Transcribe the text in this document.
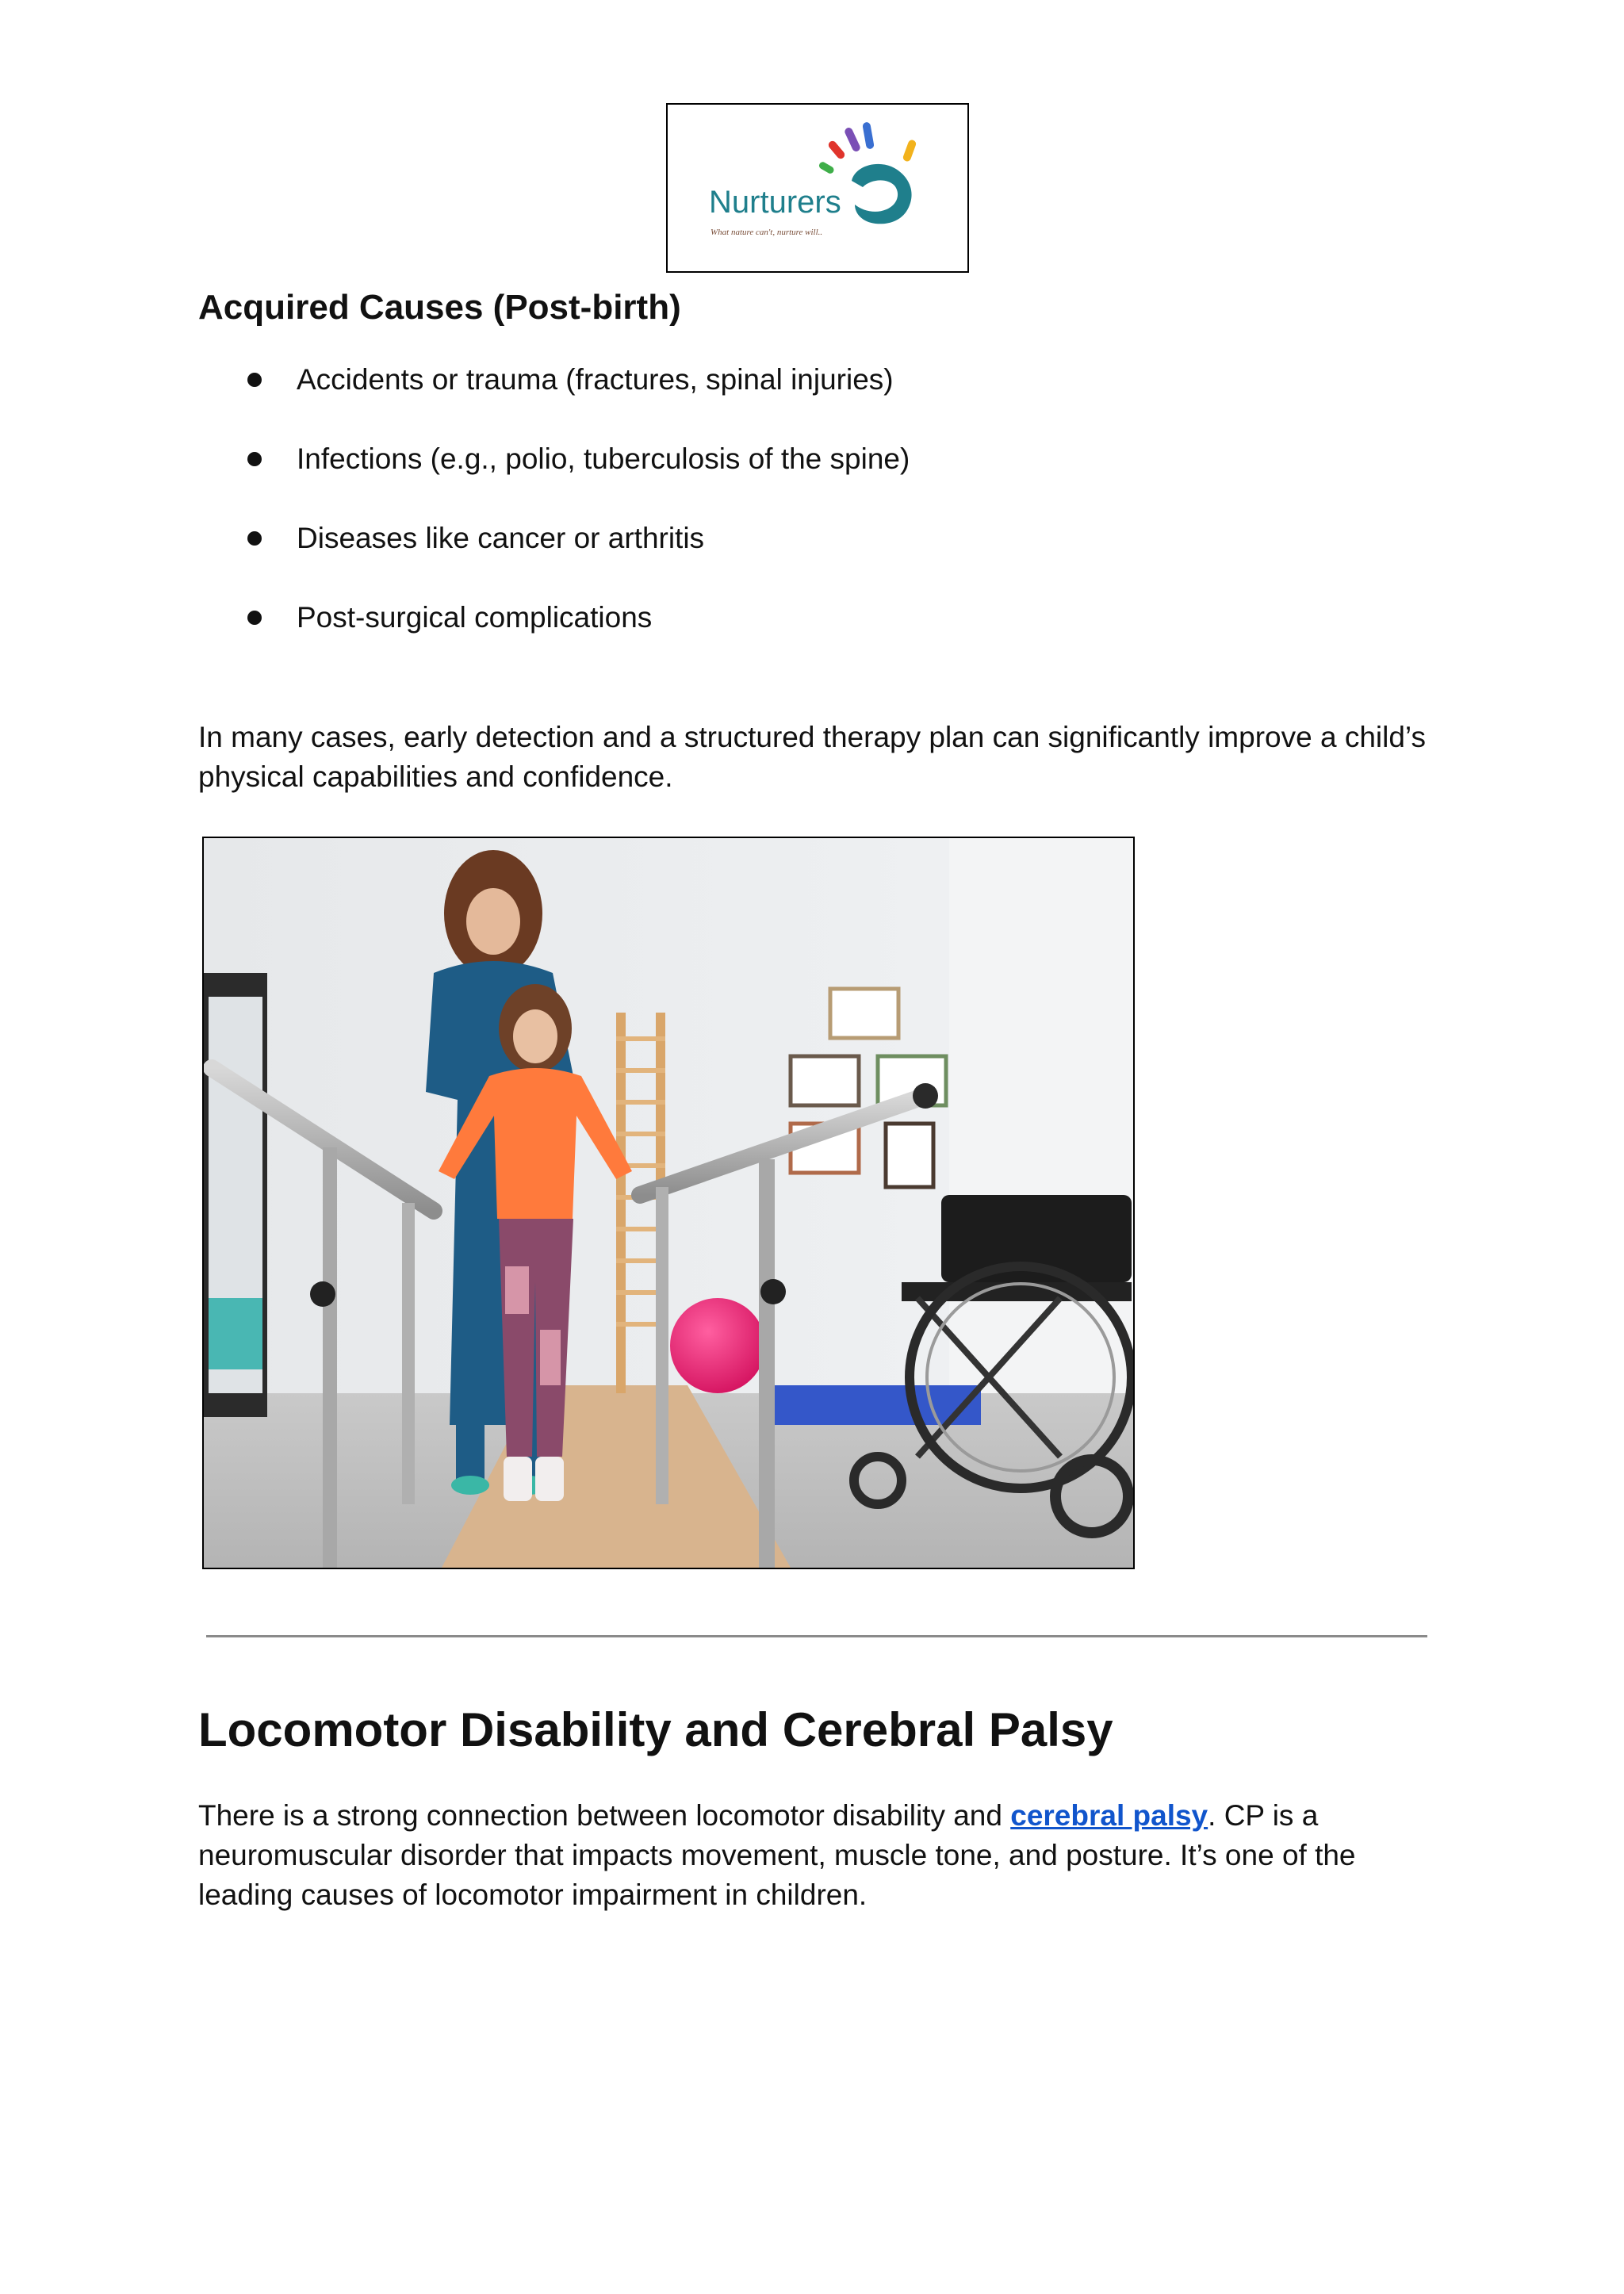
Nurturers
What nature can't, nurture will..
Acquired Causes (Post-birth)
Accidents or trauma (fractures, spinal injuries)
Infections (e.g., polio, tuberculosis of the spine)
Diseases like cancer or arthritis
Post-surgical complications

In many cases, early detection and a structured therapy plan can significantly improve a child’s physical capabilities and confidence.

Locomotor Disability and Cerebral Palsy

There is a strong connection between locomotor disability and cerebral palsy. CP is a neuromuscular disorder that impacts movement, muscle tone, and posture. It’s one of the leading causes of locomotor impairment in children.
